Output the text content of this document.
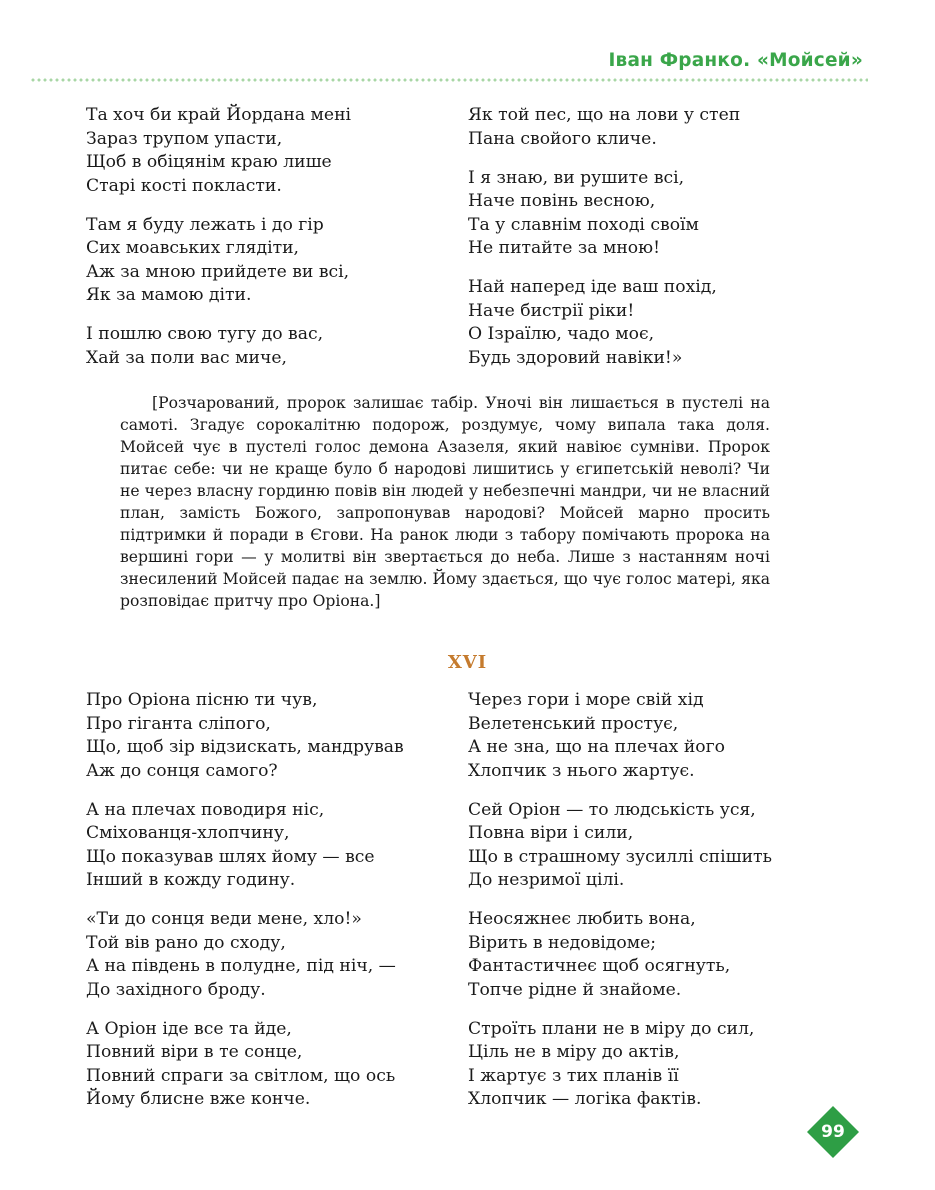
Іван Франко. «Мойсей»
Та хоч би край Йордана мені
Зараз трупом упасти,
Щоб в обіцянім краю лише
Старі кості покласти.
Там я буду лежать і до гір
Сих моавських глядіти,
Аж за мною прийдете ви всі,
Як за мамою діти.
І пошлю свою тугу до вас,
Хай за поли вас миче,
Як той пес, що на лови у степ
Пана свойого кличе.
І я знаю, ви рушите всі,
Наче повінь весною,
Та у славнім поході своїм
Не питайте за мною!
Най наперед іде ваш похід,
Наче бистрії ріки!
О Ізраїлю, чадо моє,
Будь здоровий навіки!»

[Розчарований, пророк залишає табір. Уночі він лишається в пустелі на самоті. Згадує сорокалітню подорож, роздумує, чому випала така доля. Мойсей чує в пустелі голос демона Азазеля, який навіює сумніви. Пророк питає себе: чи не краще було б народові лишитись у єгипетській неволі? Чи не через власну гординю повів він людей у небезпечні мандри, чи не власний план, замість Божого, запропонував народові? Мойсей марно просить підтримки й поради в Єгови. На ранок люди з табору помічають пророка на вершині гори — у молитві він звертається до неба. Лише з настанням ночі знесилений Мойсей падає на землю. Йому здається, що чує голос матері, яка розповідає притчу про Оріона.]

XVI
Про Оріона пісню ти чув,
Про гіганта сліпого,
Що, щоб зір відзискать, мандрував
Аж до сонця самого?
А на плечах поводиря ніс,
Сміхованця-хлопчину,
Що показував шлях йому — все
Інший в кожду годину.
«Ти до сонця веди мене, хло!»
Той вів рано до сходу,
А на південь в полудне, під ніч, —
До західного броду.
А Оріон іде все та йде,
Повний віри в те сонце,
Повний спраги за світлом, що ось
Йому блисне вже конче.
Через гори і море свій хід
Велетенський простує,
А не зна, що на плечах його
Хлопчик з нього жартує.
Сей Оріон — то людськість уся,
Повна віри і сили,
Що в страшному зусиллі спішить
До незримої цілі.
Неосяжнеє любить вона,
Вірить в недовідоме;
Фантастичнеє щоб осягнуть,
Топче рідне й знайоме.
Строїть плани не в міру до сил,
Ціль не в міру до актів,
І жартує з тих планів її
Хлопчик — логіка фактів.
99
